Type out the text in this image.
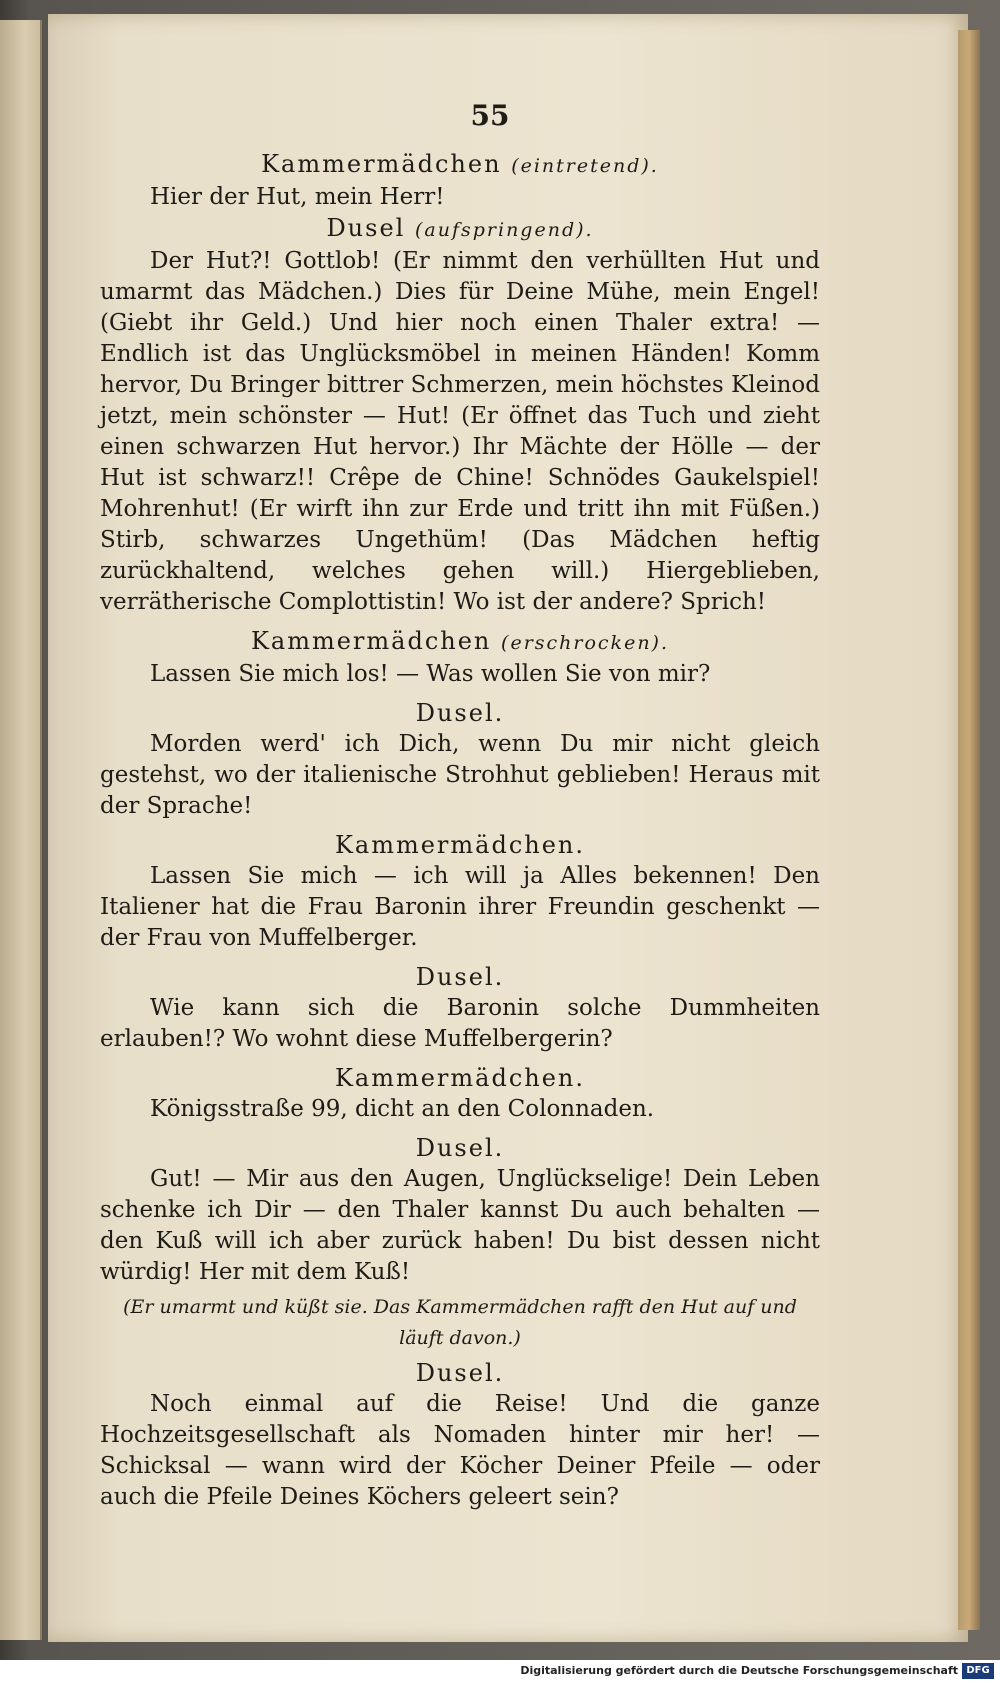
55
Kammermädchen (eintretend).

Hier der Hut, mein Herr!

Dusel (aufspringend).

Der Hut?! Gottlob! (Er nimmt den verhüllten Hut und umarmt das Mädchen.) Dies für Deine Mühe, mein Engel! (Giebt ihr Geld.) Und hier noch einen Thaler extra! — Endlich ist das Unglücksmöbel in meinen Händen! Komm hervor, Du Bringer bittrer Schmerzen, mein höchstes Kleinod jetzt, mein schönster — Hut! (Er öffnet das Tuch und zieht einen schwarzen Hut hervor.) Ihr Mächte der Hölle — der Hut ist schwarz!! Crêpe de Chine! Schnödes Gaukelspiel! Mohrenhut! (Er wirft ihn zur Erde und tritt ihn mit Füßen.) Stirb, schwarzes Ungethüm! (Das Mädchen heftig zurückhaltend, welches gehen will.) Hiergeblieben, verrätherische Complottistin! Wo ist der andere? Sprich!

Kammermädchen (erschrocken).

Lassen Sie mich los! — Was wollen Sie von mir?

Dusel.

Morden werd' ich Dich, wenn Du mir nicht gleich gestehst, wo der italienische Strohhut geblieben! Heraus mit der Sprache!

Kammermädchen.

Lassen Sie mich — ich will ja Alles bekennen! Den Italiener hat die Frau Baronin ihrer Freundin geschenkt — der Frau von Muffelberger.

Dusel.

Wie kann sich die Baronin solche Dummheiten erlauben!? Wo wohnt diese Muffelbergerin?

Kammermädchen.

Königsstraße 99, dicht an den Colonnaden.

Dusel.

Gut! — Mir aus den Augen, Unglückselige! Dein Leben schenke ich Dir — den Thaler kannst Du auch behalten — den Kuß will ich aber zurück haben! Du bist dessen nicht würdig! Her mit dem Kuß!

(Er umarmt und küßt sie. Das Kammermädchen rafft den Hut auf und läuft davon.)

Dusel.

Noch einmal auf die Reise! Und die ganze Hochzeitsgesellschaft als Nomaden hinter mir her! — Schicksal — wann wird der Köcher Deiner Pfeile — oder auch die Pfeile Deines Köchers geleert sein?

Digitalisierung gefördert durch die Deutsche Forschungsgemeinschaft DFG
